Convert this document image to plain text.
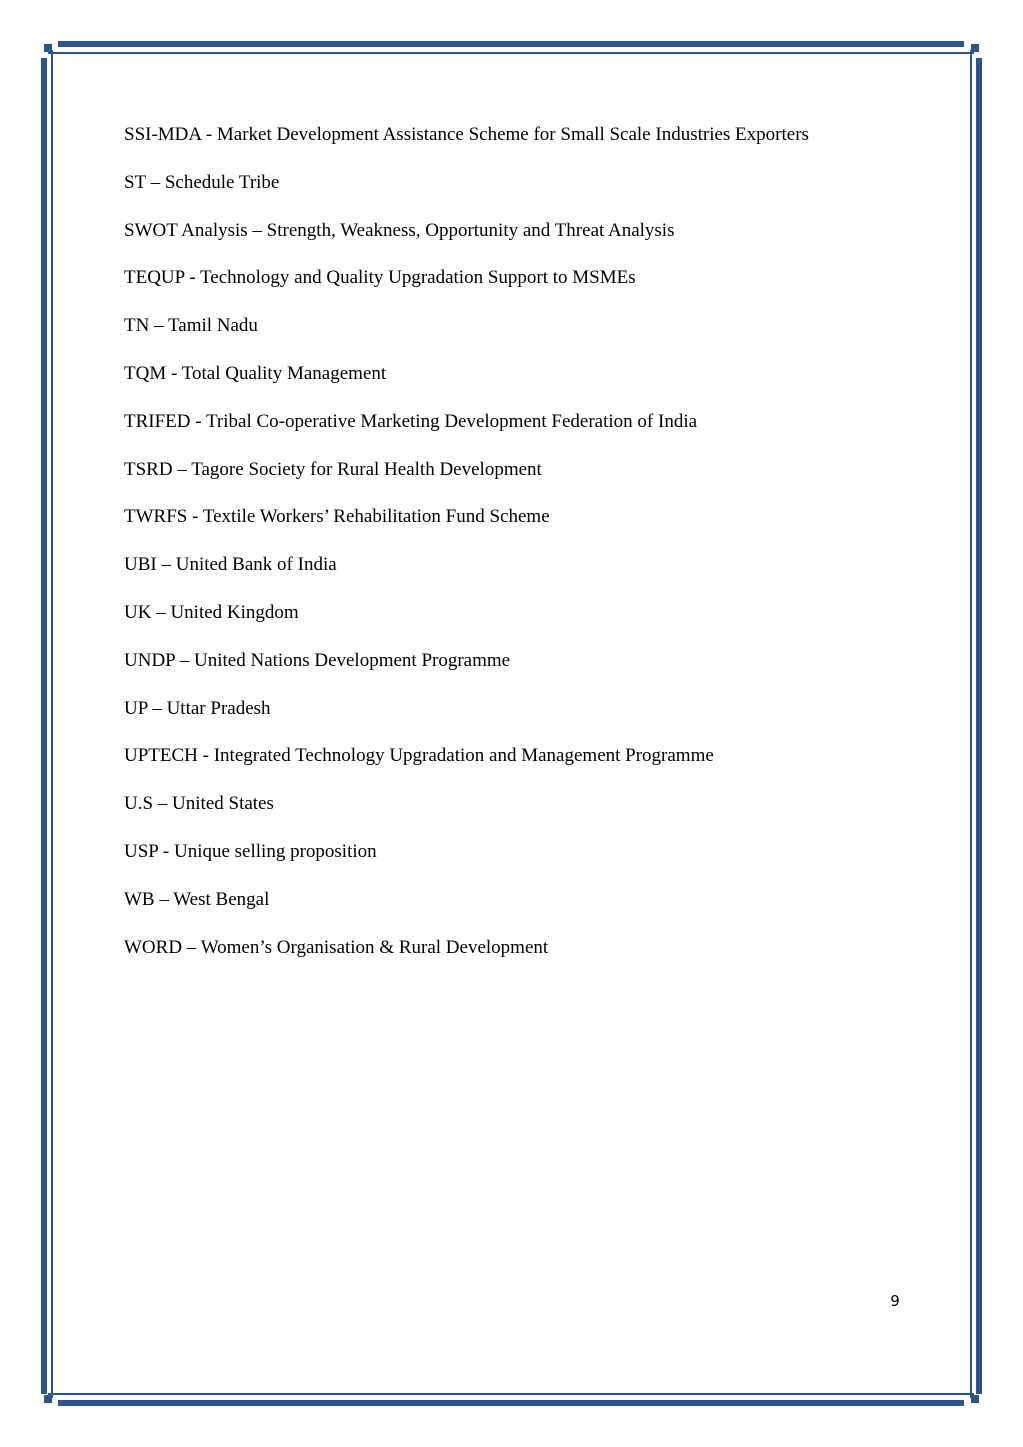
SSI-MDA - Market Development Assistance Scheme for Small Scale Industries Exporters
ST – Schedule Tribe
SWOT Analysis – Strength, Weakness, Opportunity and Threat Analysis
TEQUP - Technology and Quality Upgradation Support to MSMEs
TN – Tamil Nadu
TQM - Total Quality Management
TRIFED - Tribal Co-operative Marketing Development Federation of India
TSRD – Tagore Society for Rural Health Development
TWRFS - Textile Workers’ Rehabilitation Fund Scheme
UBI – United Bank of India
UK – United Kingdom
UNDP – United Nations Development Programme
UP – Uttar Pradesh
UPTECH - Integrated Technology Upgradation and Management Programme
U.S – United States
USP - Unique selling proposition
WB – West Bengal
WORD – Women’s Organisation & Rural Development
9
